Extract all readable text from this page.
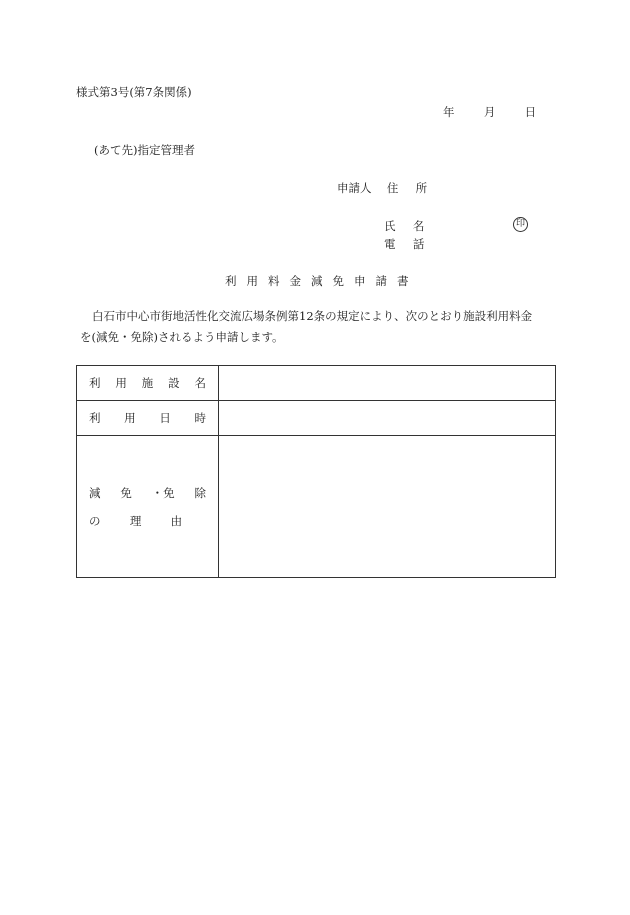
様式第3号(第7条関係)
年	月	日
(あて先)指定管理者
申請人 住 所
氏 名	印
電 話
利 用 料 金 減 免 申 請 書
白石市中心市街地活性化交流広場条例第12条の規定により、次のとおり施設利用料金
を(減免・免除)されるよう申請します。
利 用 施 設 名	

利 用 日 時	

減 免 ・免 除
の 理 由	
